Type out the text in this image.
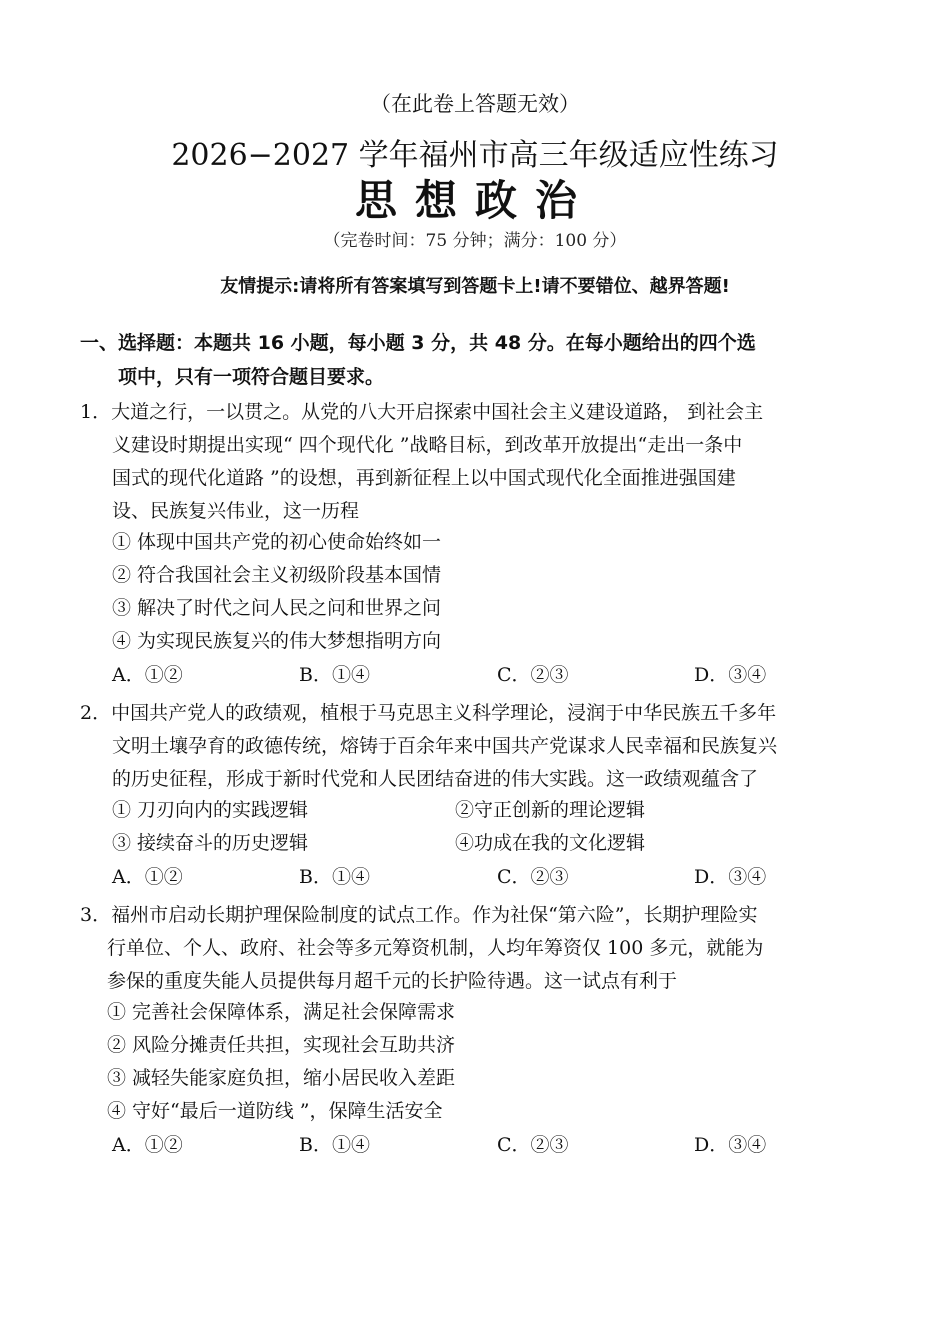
（在此卷上答题无效）
2026−2027 学年福州市高三年级适应性练习
思想政治
（完卷时间：75 分钟；满分：100 分）
友情提示:请将所有答案填写到答题卡上!请不要错位、越界答题!
一、选择题：本题共 16 小题，每小题 3 分，共 48 分。在每小题给出的四个选
项中，只有一项符合题目要求。
1．大道之行，一以贯之。从党的八大开启探索中国社会主义建设道路， 到社会主
义建设时期提出实现“ 四个现代化 ”战略目标，到改革开放提出“走出一条中
国式的现代化道路 ”的设想，再到新征程上以中国式现代化全面推进强国建
设、民族复兴伟业，这一历程
① 体现中国共产党的初心使命始终如一
② 符合我国社会主义初级阶段基本国情
③ 解决了时代之问人民之问和世界之问
④ 为实现民族复兴的伟大梦想指明方向
A．①②	B．①④	C．②③	D．③④
2．中国共产党人的政绩观，植根于马克思主义科学理论，浸润于中华民族五千多年
文明土壤孕育的政德传统，熔铸于百余年来中国共产党谋求人民幸福和民族复兴
的历史征程，形成于新时代党和人民团结奋进的伟大实践。这一政绩观蕴含了
① 刀刃向内的实践逻辑	②守正创新的理论逻辑
③ 接续奋斗的历史逻辑	④功成在我的文化逻辑
A．①②	B．①④	C．②③	D．③④
3．福州市启动长期护理保险制度的试点工作。作为社保“第六险”，长期护理险实
行单位、个人、政府、社会等多元筹资机制，人均年筹资仅 100 多元，就能为
参保的重度失能人员提供每月超千元的长护险待遇。这一试点有利于
① 完善社会保障体系，满足社会保障需求
② 风险分摊责任共担，实现社会互助共济
③ 减轻失能家庭负担，缩小居民收入差距
④ 守好“最后一道防线 ”，保障生活安全
A．①②	B．①④	C．②③	D．③④
